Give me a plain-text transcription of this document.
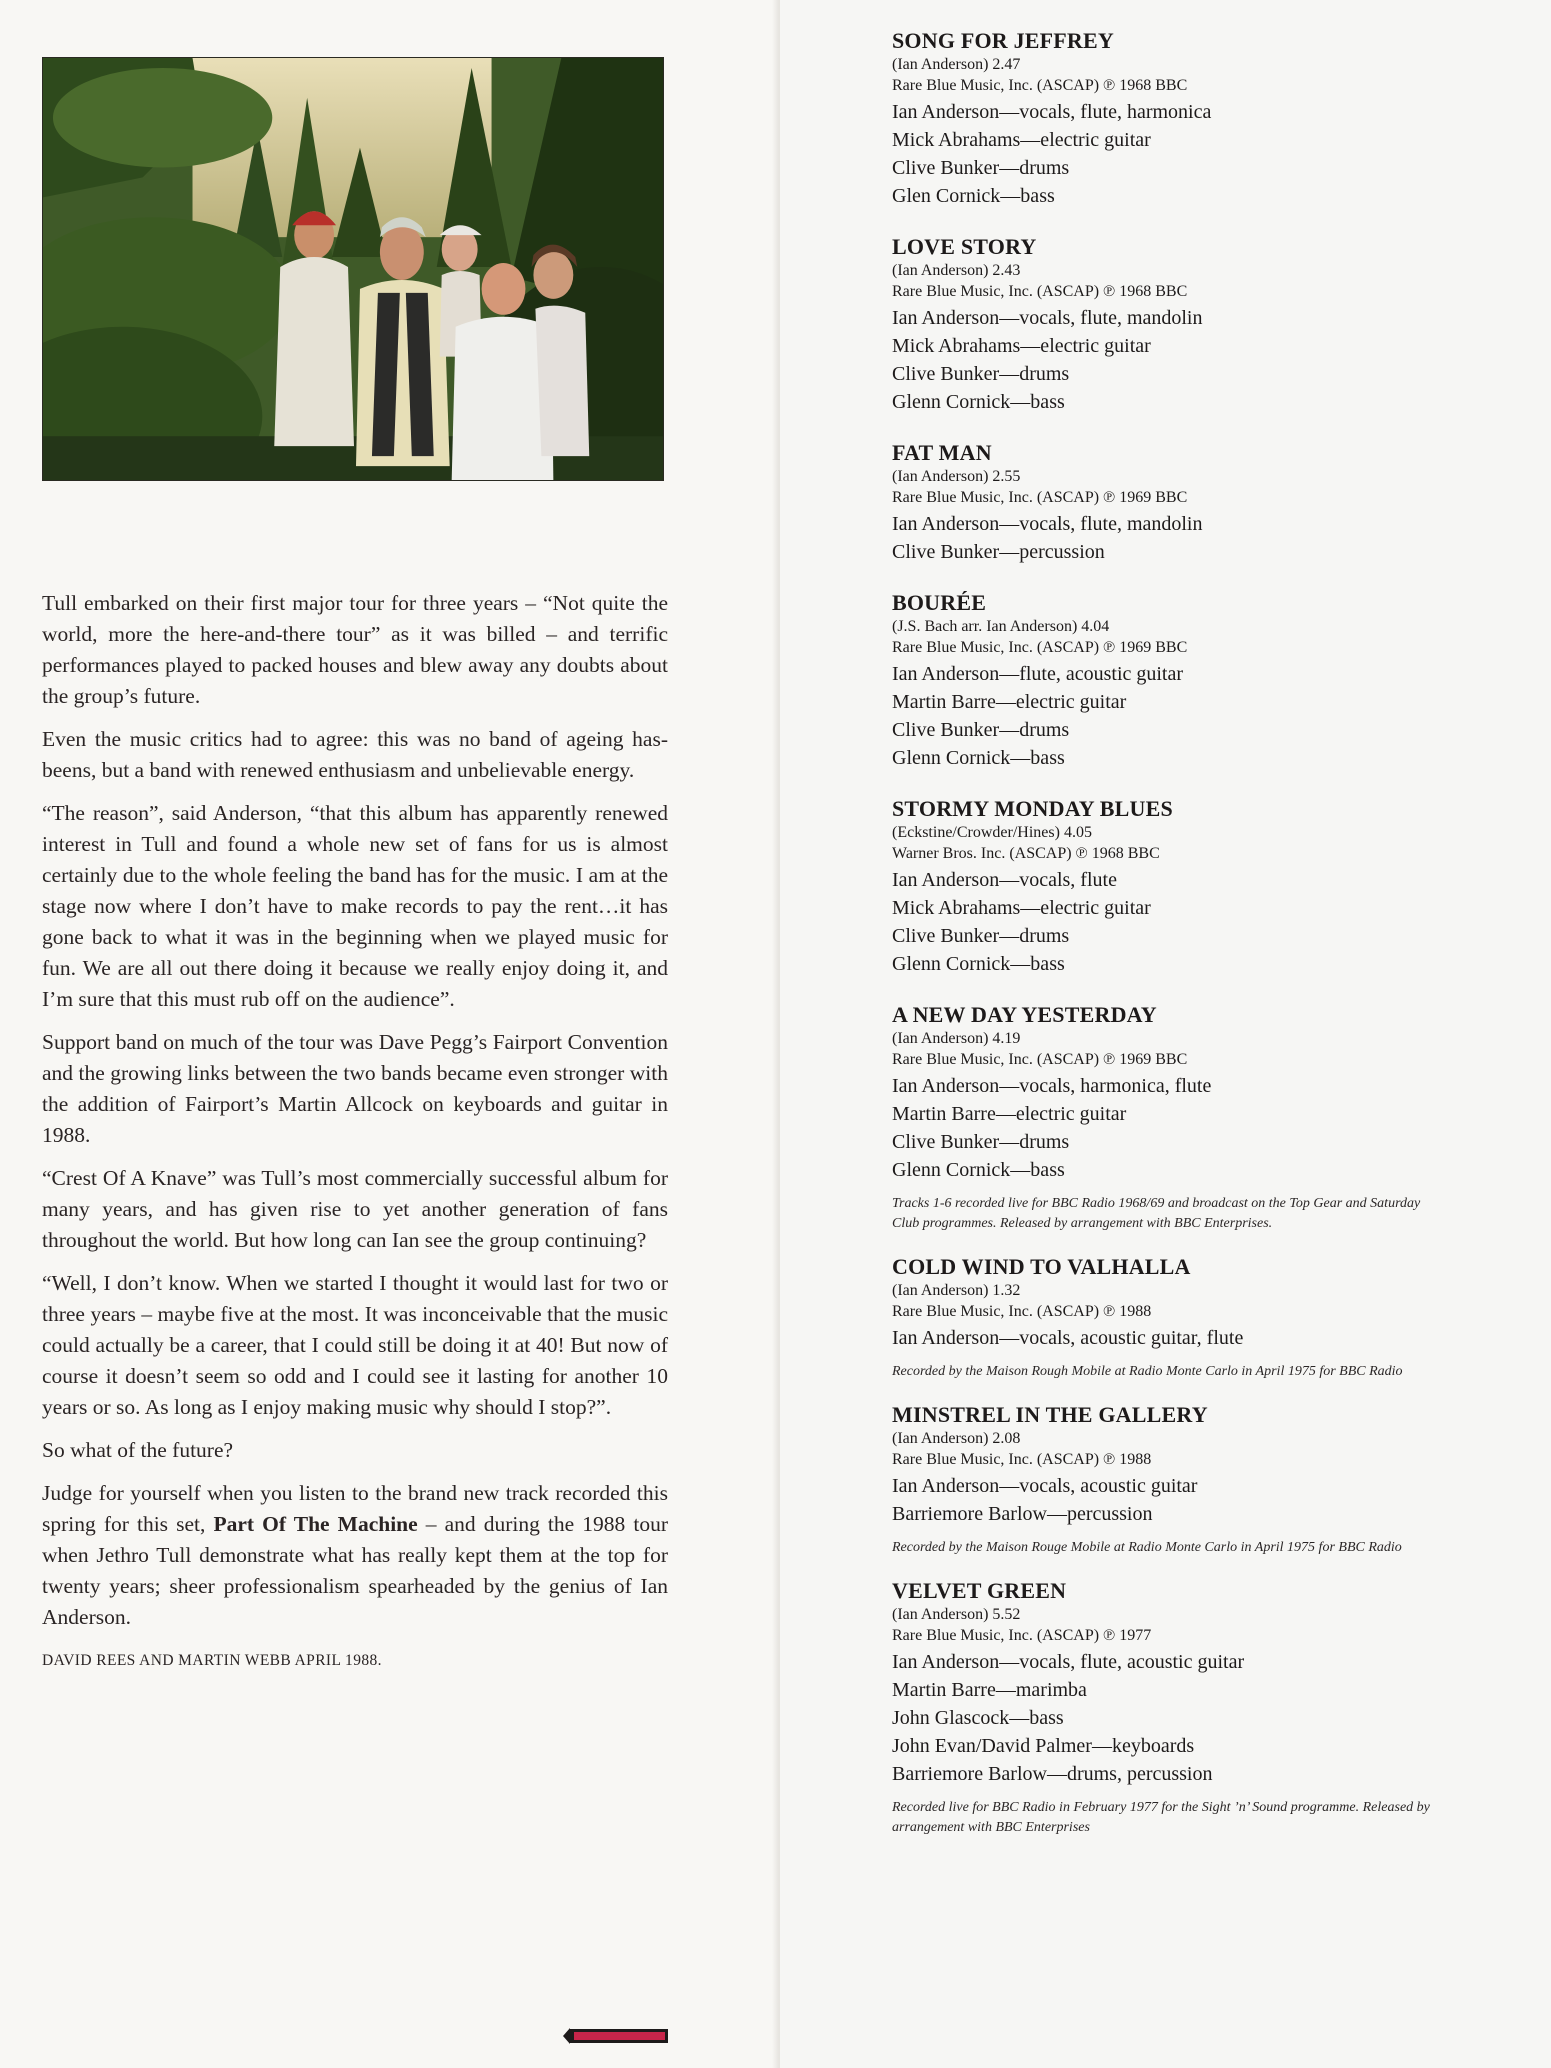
Tull embarked on their first major tour for three years – “Not quite the world, more the here-and-there tour” as it was billed – and terrific performances played to packed houses and blew away any doubts about the group’s future.

Even the music critics had to agree: this was no band of ageing has-beens, but a band with renewed enthusiasm and unbelievable energy.

“The reason”, said Anderson, “that this album has apparently renewed interest in Tull and found a whole new set of fans for us is almost certainly due to the whole feeling the band has for the music. I am at the stage now where I don’t have to make records to pay the rent…it has gone back to what it was in the beginning when we played music for fun. We are all out there doing it because we really enjoy doing it, and I’m sure that this must rub off on the audience”.

Support band on much of the tour was Dave Pegg’s Fairport Convention and the growing links between the two bands became even stronger with the addition of Fairport’s Martin Allcock on keyboards and guitar in 1988.

“Crest Of A Knave” was Tull’s most commercially successful album for many years, and has given rise to yet another generation of fans throughout the world. But how long can Ian see the group continuing?

“Well, I don’t know. When we started I thought it would last for two or three years – maybe five at the most. It was inconceivable that the music could actually be a career, that I could still be doing it at 40! But now of course it doesn’t seem so odd and I could see it lasting for another 10 years or so. As long as I enjoy making music why should I stop?”.

So what of the future?

Judge for yourself when you listen to the brand new track recorded this spring for this set, Part Of The Machine – and during the 1988 tour when Jethro Tull demonstrate what has really kept them at the top for twenty years; sheer professionalism spearheaded by the genius of Ian Anderson.

DAVID REES AND MARTIN WEBB APRIL 1988.
SONG FOR JEFFREY
(Ian Anderson) 2.47
Rare Blue Music, Inc. (ASCAP) ℗ 1968 BBC
Ian Anderson—vocals, flute, harmonica
Mick Abrahams—electric guitar
Clive Bunker—drums
Glen Cornick—bass
LOVE STORY
(Ian Anderson) 2.43
Rare Blue Music, Inc. (ASCAP) ℗ 1968 BBC
Ian Anderson—vocals, flute, mandolin
Mick Abrahams—electric guitar
Clive Bunker—drums
Glenn Cornick—bass
FAT MAN
(Ian Anderson) 2.55
Rare Blue Music, Inc. (ASCAP) ℗ 1969 BBC
Ian Anderson—vocals, flute, mandolin
Clive Bunker—percussion
BOURÉE
(J.S. Bach arr. Ian Anderson) 4.04
Rare Blue Music, Inc. (ASCAP) ℗ 1969 BBC
Ian Anderson—flute, acoustic guitar
Martin Barre—electric guitar
Clive Bunker—drums
Glenn Cornick—bass
STORMY MONDAY BLUES
(Eckstine/Crowder/Hines) 4.05
Warner Bros. Inc. (ASCAP) ℗ 1968 BBC
Ian Anderson—vocals, flute
Mick Abrahams—electric guitar
Clive Bunker—drums
Glenn Cornick—bass
A NEW DAY YESTERDAY
(Ian Anderson) 4.19
Rare Blue Music, Inc. (ASCAP) ℗ 1969 BBC
Ian Anderson—vocals, harmonica, flute
Martin Barre—electric guitar
Clive Bunker—drums
Glenn Cornick—bass
Tracks 1-6 recorded live for BBC Radio 1968/69 and broadcast on the Top Gear and Saturday Club programmes. Released by arrangement with BBC Enterprises.
COLD WIND TO VALHALLA
(Ian Anderson) 1.32
Rare Blue Music, Inc. (ASCAP) ℗ 1988
Ian Anderson—vocals, acoustic guitar, flute
Recorded by the Maison Rough Mobile at Radio Monte Carlo in April 1975 for BBC Radio
MINSTREL IN THE GALLERY
(Ian Anderson) 2.08
Rare Blue Music, Inc. (ASCAP) ℗ 1988
Ian Anderson—vocals, acoustic guitar
Barriemore Barlow—percussion
Recorded by the Maison Rouge Mobile at Radio Monte Carlo in April 1975 for BBC Radio
VELVET GREEN
(Ian Anderson) 5.52
Rare Blue Music, Inc. (ASCAP) ℗ 1977
Ian Anderson—vocals, flute, acoustic guitar
Martin Barre—marimba
John Glascock—bass
John Evan/David Palmer—keyboards
Barriemore Barlow—drums, percussion
Recorded live for BBC Radio in February 1977 for the Sight ’n’ Sound programme. Released by arrangement with BBC Enterprises
